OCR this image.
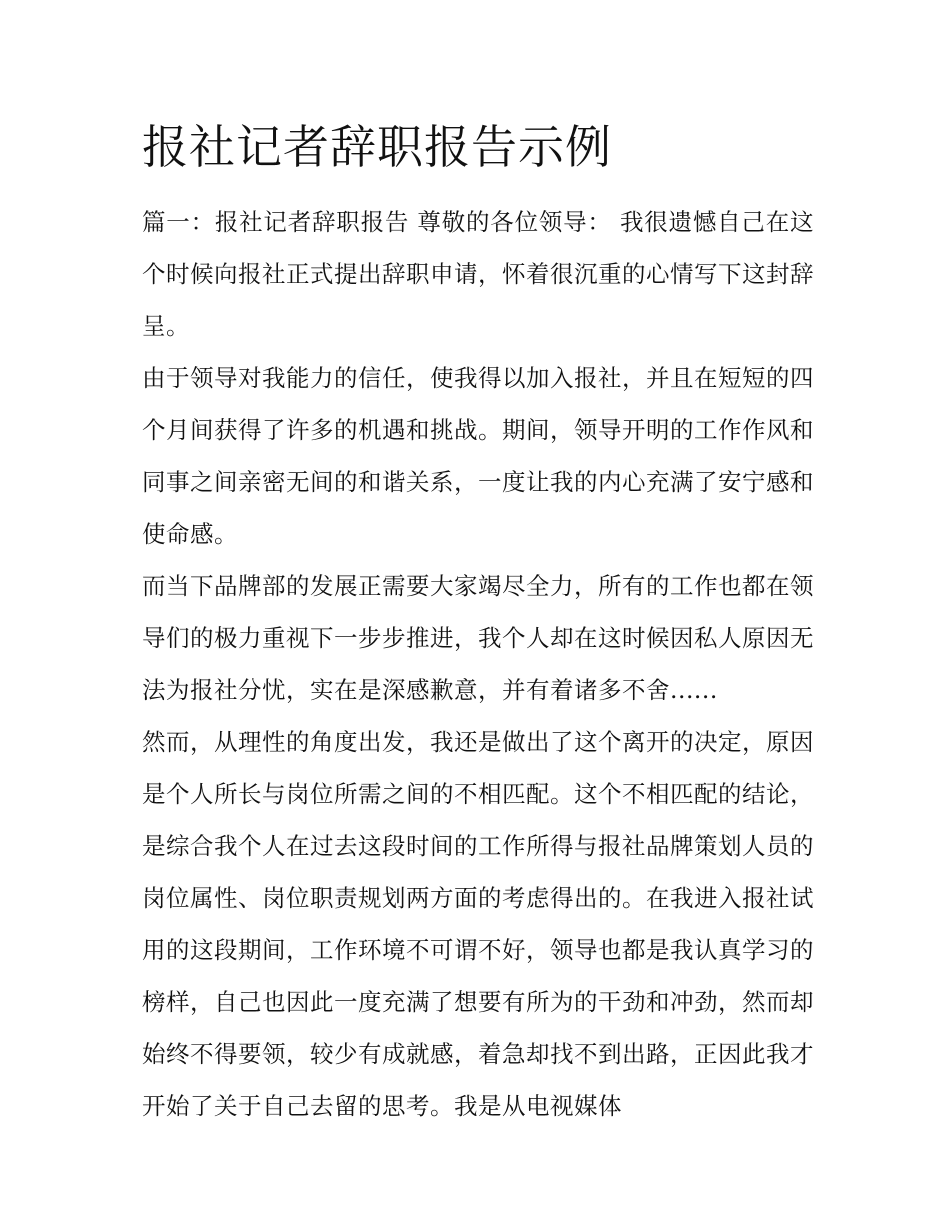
报社记者辞职报告示例

篇一：报社记者辞职报告 尊敬的各位领导： 我很遗憾自己在这个时候向报社正式提出辞职申请，怀着很沉重的心情写下这封辞呈。

由于领导对我能力的信任，使我得以加入报社，并且在短短的四个月间获得了许多的机遇和挑战。期间，领导开明的工作作风和同事之间亲密无间的和谐关系，一度让我的内心充满了安宁感和使命感。

而当下品牌部的发展正需要大家竭尽全力，所有的工作也都在领导们的极力重视下一步步推进，我个人却在这时候因私人原因无法为报社分忧，实在是深感歉意，并有着诸多不舍......

然而，从理性的角度出发，我还是做出了这个离开的决定，原因是个人所长与岗位所需之间的不相匹配。这个不相匹配的结论，是综合我个人在过去这段时间的工作所得与报社品牌策划人员的岗位属性、岗位职责规划两方面的考虑得出的。在我进入报社试用的这段期间，工作环境不可谓不好，领导也都是我认真学习的榜样，自己也因此一度充满了想要有所为的干劲和冲劲，然而却始终不得要领，较少有成就感，着急却找不到出路，正因此我才开始了关于自己去留的思考。我是从电视媒体
